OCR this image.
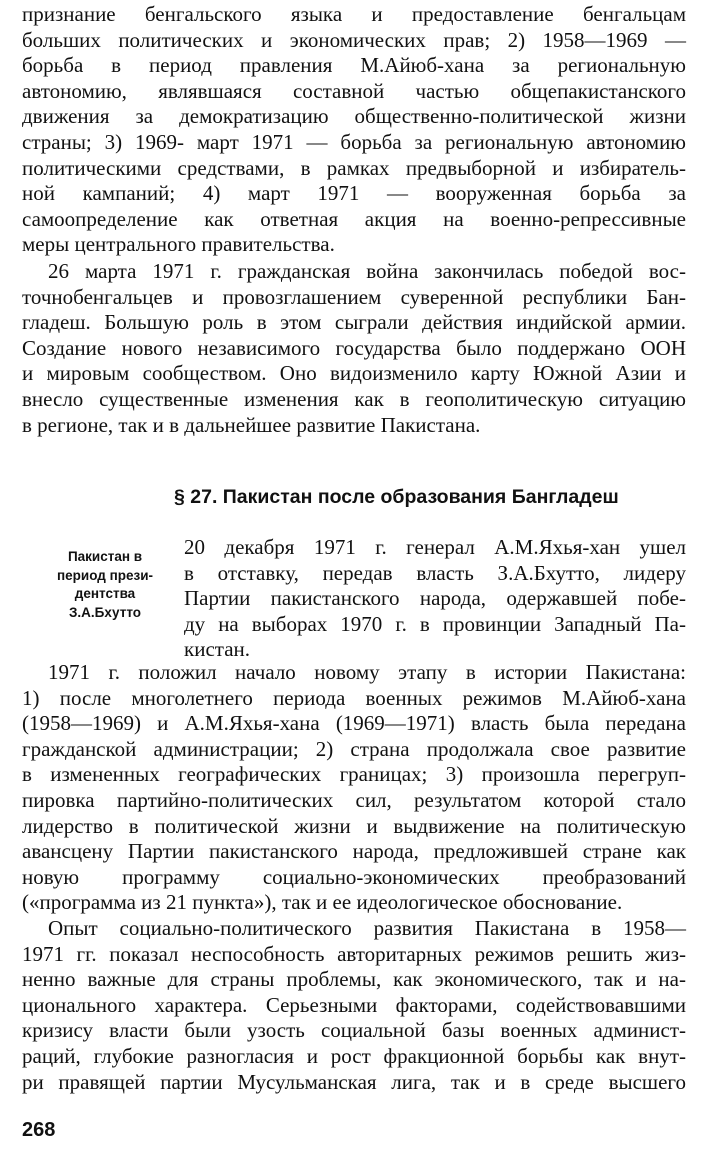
признание бенгальского языка и предоставление бенгальцам
больших политических и экономических прав; 2) 1958—1969 —
борьба в период правления М.Айюб-хана за региональную
автономию, являвшаяся составной частью общепакистанского
движения за демократизацию общественно-политической жизни
страны; 3) 1969- март 1971 — борьба за региональную автономию
политическими средствами, в рамках предвыборной и избиратель-
ной кампаний; 4) март 1971 — вооруженная борьба за
самоопределение как ответная акция на военно-репрессивные
меры центрального правительства.
26 марта 1971 г. гражданская война закончилась победой вос-
точнобенгальцев и провозглашением суверенной республики Бан-
гладеш. Большую роль в этом сыграли действия индийской армии.
Создание нового независимого государства было поддержано ООН
и мировым сообществом. Оно видоизменило карту Южной Азии и
внесло существенные изменения как в геополитическую ситуацию
в регионе, так и в дальнейшее развитие Пакистана.
§ 27. Пакистан после образования Бангладеш
Пакистан в
период прези-
дентства
З.А.Бхутто
20 декабря 1971 г. генерал А.М.Яхья-хан ушел
в отставку, передав власть З.А.Бхутто, лидеру
Партии пакистанского народа, одержавшей побе-
ду на выборах 1970 г. в провинции Западный Па-
кистан.
1971 г. положил начало новому этапу в истории Пакистана:
1) после многолетнего периода военных режимов М.Айюб-хана
(1958—1969) и А.М.Яхья-хана (1969—1971) власть была передана
гражданской администрации; 2) страна продолжала свое развитие
в измененных географических границах; 3) произошла перегруп-
пировка партийно-политических сил, результатом которой стало
лидерство в политической жизни и выдвижение на политическую
авансцену Партии пакистанского народа, предложившей стране как
новую программу социально-экономических преобразований
(«программа из 21 пункта»), так и ее идеологическое обоснование.
Опыт социально-политического развития Пакистана в 1958—
1971 гг. показал неспособность авторитарных режимов решить жиз-
ненно важные для страны проблемы, как экономического, так и на-
ционального характера. Серьезными факторами, содействовавшими
кризису власти были узость социальной базы военных админист-
раций, глубокие разногласия и рост фракционной борьбы как внут-
ри правящей партии Мусульманская лига, так и в среде высшего
268
